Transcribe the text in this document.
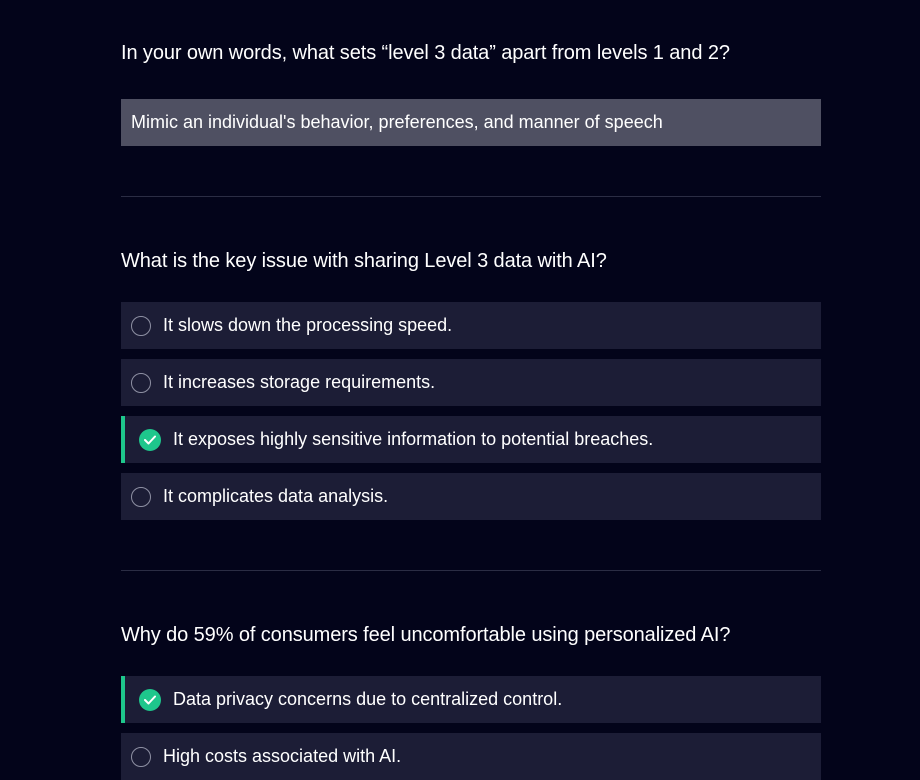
In your own words, what sets “level 3 data” apart from levels 1 and 2?
Mimic an individual's behavior, preferences, and manner of speech
What is the key issue with sharing Level 3 data with AI?
It slows down the processing speed.
It increases storage requirements.
It exposes highly sensitive information to potential breaches.
It complicates data analysis.
Why do 59% of consumers feel uncomfortable using personalized AI?
Data privacy concerns due to centralized control.
High costs associated with AI.
